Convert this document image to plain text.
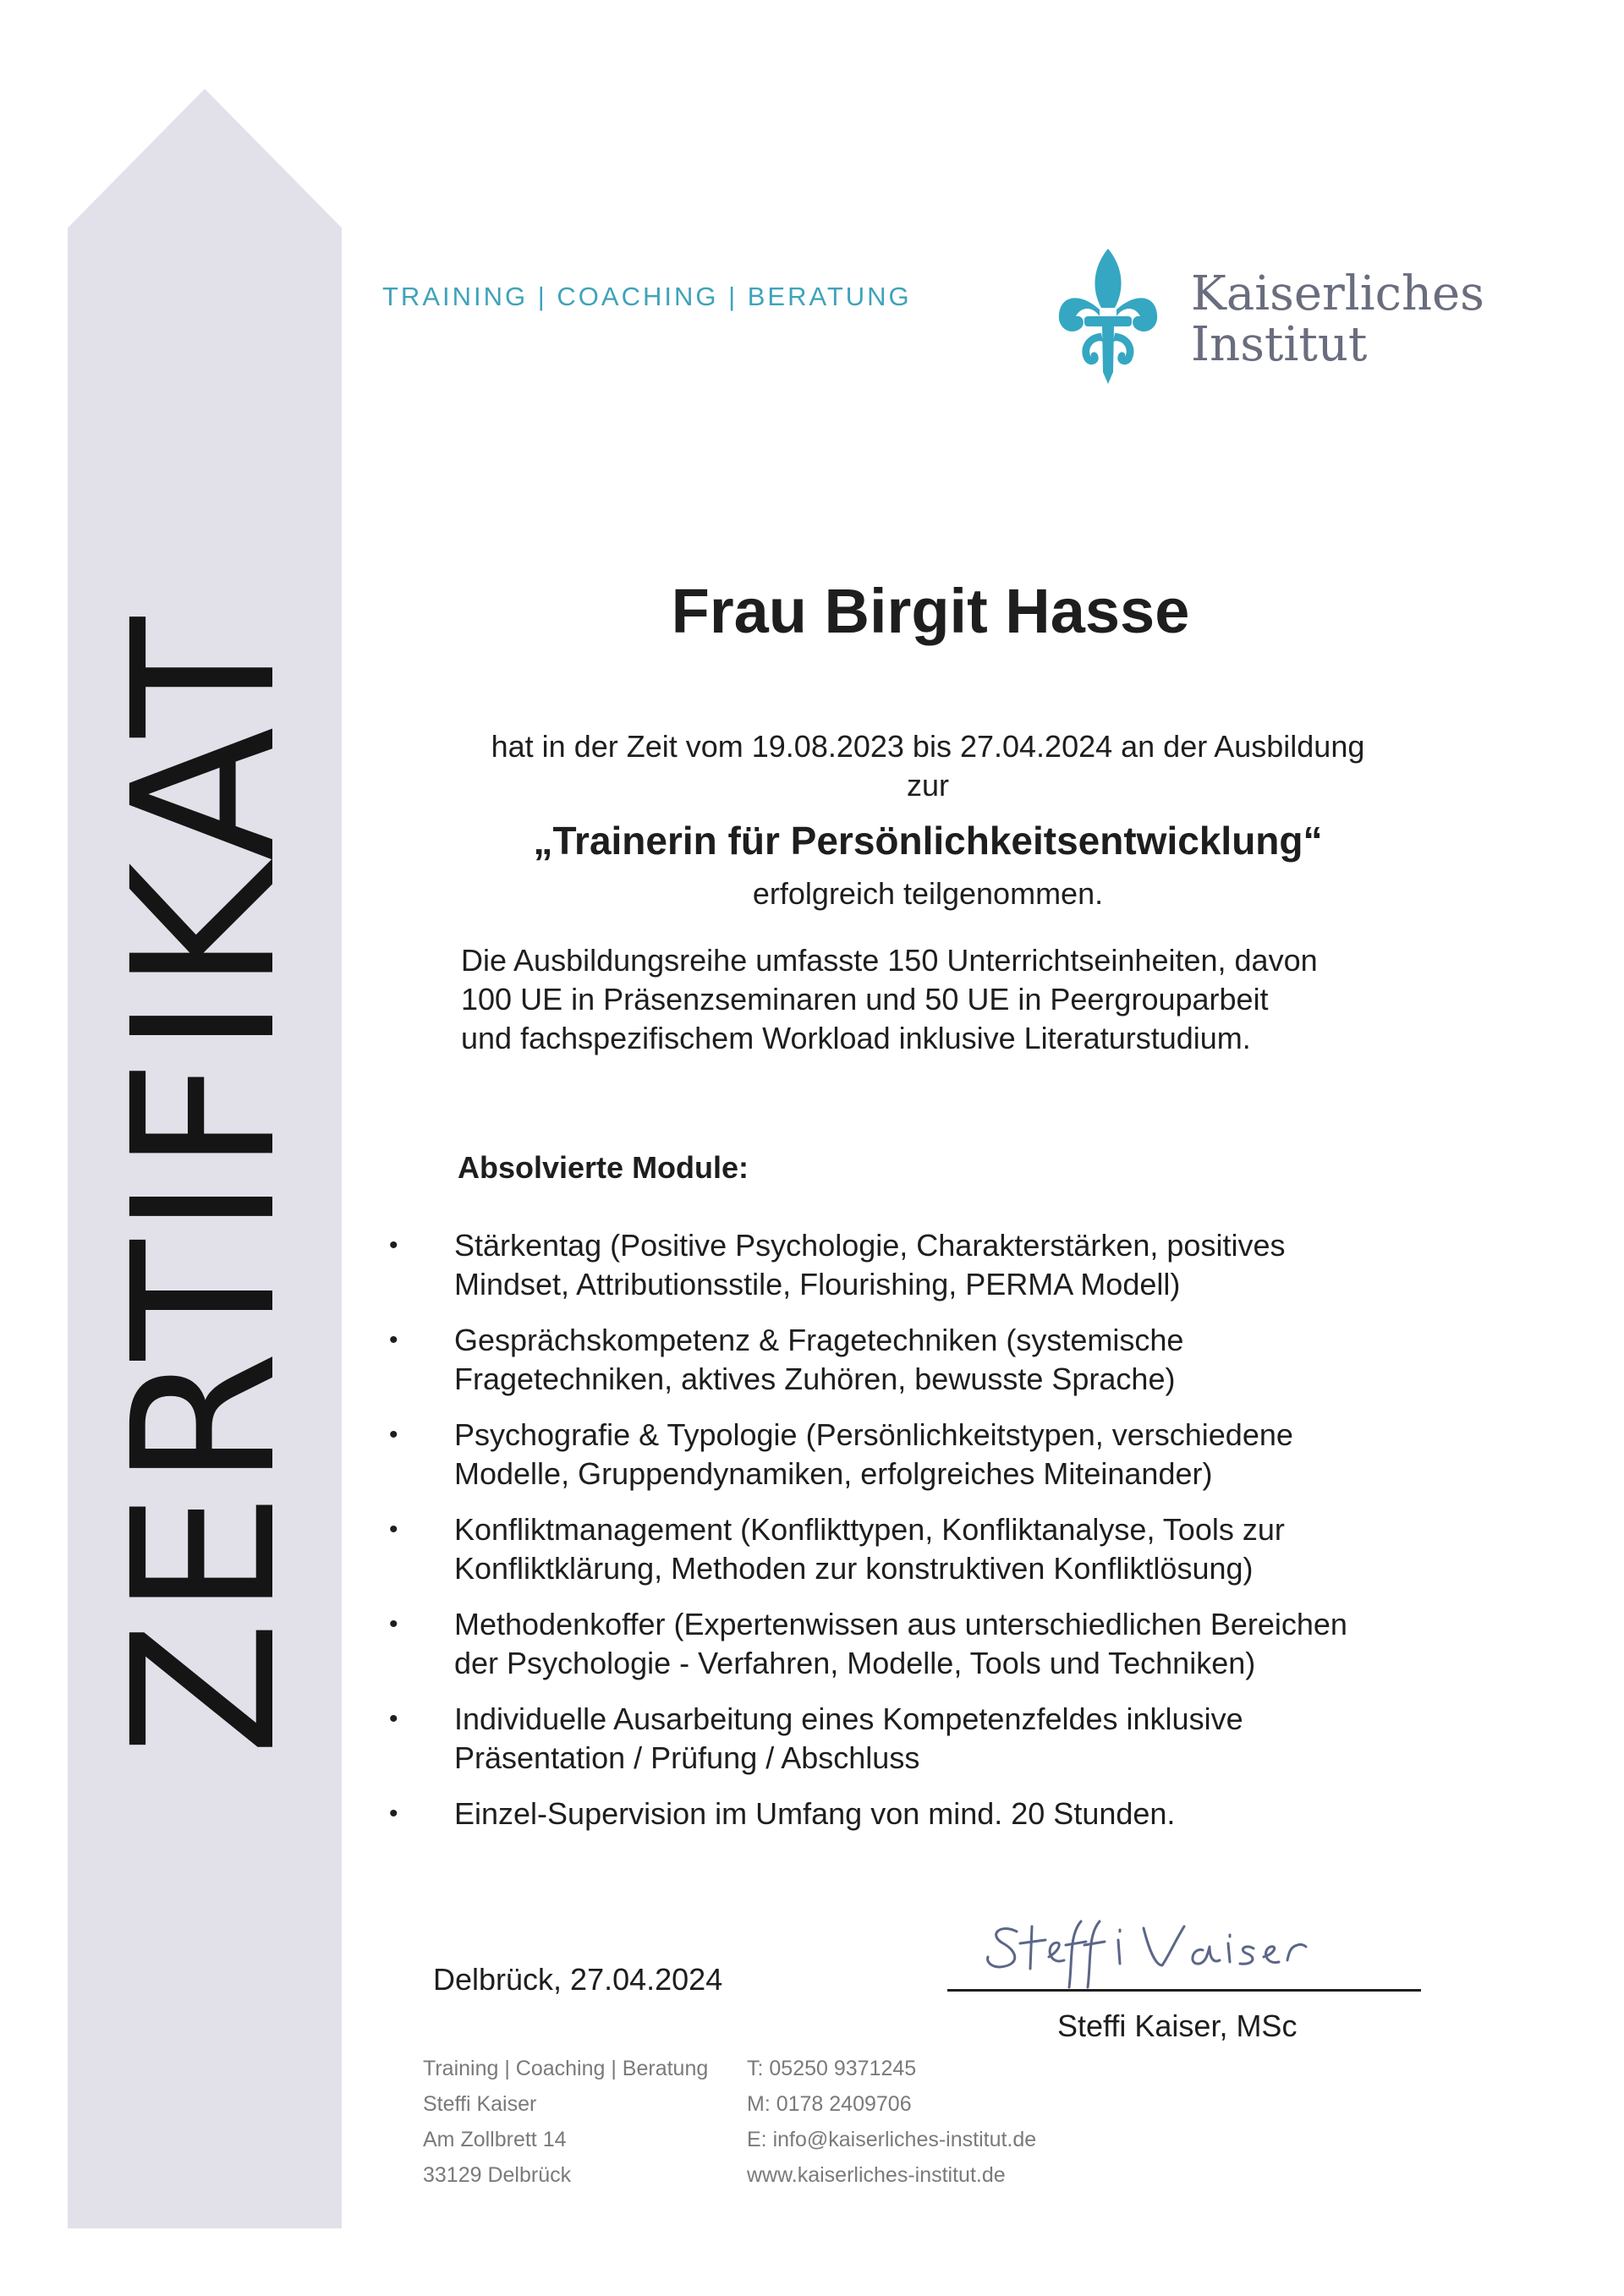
ZERTIFIKAT
TRAINING | COACHING | BERATUNG	Kaiserliches
Institut
Frau Birgit Hasse
hat in der Zeit vom 19.08.2023 bis 27.04.2024 an der Ausbildung
zur
„Trainerin für Persönlichkeitsentwicklung“
erfolgreich teilgenommen.
Die Ausbildungsreihe umfasste 150 Unterrichtseinheiten, davon
100 UE in Präsenzseminaren und 50 UE in Peergrouparbeit
und fachspezifischem Workload inklusive Literaturstudium.
Absolvierte Module:
• Stärkentag (Positive Psychologie, Charakterstärken, positives
Mindset, Attributionsstile, Flourishing, PERMA Modell)
• Gesprächskompetenz & Fragetechniken (systemische
Fragetechniken, aktives Zuhören, bewusste Sprache)
• Psychografie & Typologie (Persönlichkeitstypen, verschiedene
Modelle, Gruppendynamiken, erfolgreiches Miteinander)
• Konfliktmanagement (Konflikttypen, Konfliktanalyse, Tools zur
Konfliktklärung, Methoden zur konstruktiven Konfliktlösung)
• Methodenkoffer (Expertenwissen aus unterschiedlichen Bereichen
der Psychologie - Verfahren, Modelle, Tools und Techniken)
• Individuelle Ausarbeitung eines Kompetenzfeldes inklusive
Präsentation / Prüfung / Abschluss
• Einzel-Supervision im Umfang von mind. 20 Stunden.
Delbrück, 27.04.2024
Steffi Kaiser, MSc
Training | Coaching | Beratung
Steffi Kaiser
Am Zollbrett 14
33129 Delbrück
T: 05250 9371245
M: 0178 2409706
E: info@kaiserliches-institut.de
www.kaiserliches-institut.de
